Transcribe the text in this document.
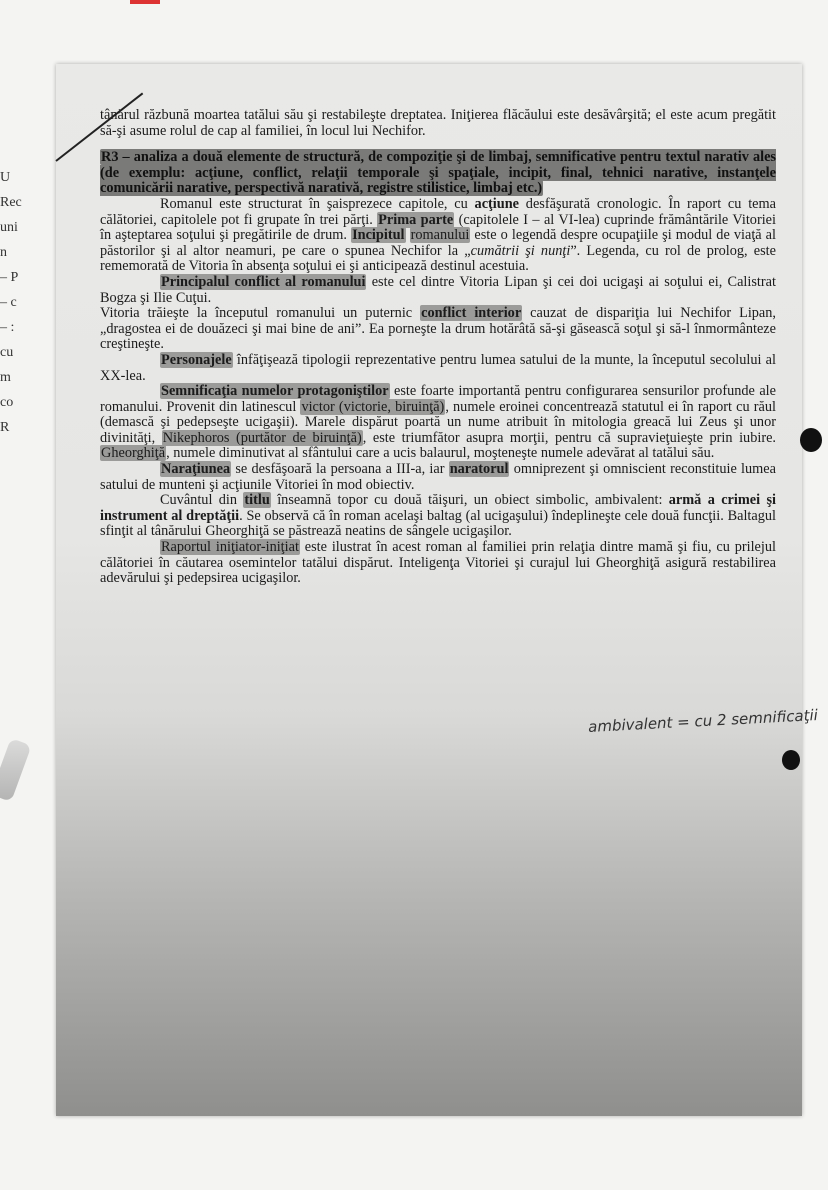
U
Rec
uni
n
– P
– c
– :
cu
m
co
R

tânărul răzbună moartea tatălui său şi restabileşte dreptatea. Iniţierea flăcăului este desăvârşită; el este acum pregătit să-şi asume rolul de cap al familiei, în locul lui Nechifor.

R3 – analiza a două elemente de structură, de compoziţie şi de limbaj, semnificative pentru textul narativ ales (de exemplu: acţiune, conflict, relaţii temporale şi spaţiale, incipit, final, tehnici narative, instanţele comunicării narative, perspectivă narativă, registre stilistice, limbaj etc.)

Romanul este structurat în şaisprezece capitole, cu acţiune desfăşurată cronologic. În raport cu tema călătoriei, capitolele pot fi grupate în trei părţi. Prima parte (capitolele I – al VI-lea) cuprinde frământările Vitoriei în aşteptarea soţului şi pregătirile de drum. Incipitul romanului este o legendă despre ocupaţiile şi modul de viaţă al păstorilor şi al altor neamuri, pe care o spunea Nechifor la „cumătrii şi nunţi”. Legenda, cu rol de prolog, este rememorată de Vitoria în absenţa soţului ei şi anticipează destinul acestuia.

Principalul conflict al romanului este cel dintre Vitoria Lipan şi cei doi ucigaşi ai soţului ei, Calistrat Bogza şi Ilie Cuţui.

Vitoria trăieşte la începutul romanului un puternic conflict interior cauzat de dispariţia lui Nechifor Lipan, „dragostea ei de douăzeci şi mai bine de ani”. Ea porneşte la drum hotărâtă să-şi găsească soţul şi să-l înmormânteze creştineşte.

Personajele înfăţişează tipologii reprezentative pentru lumea satului de la munte, la începutul secolului al XX-lea.

Semnificaţia numelor protagoniştilor este foarte importantă pentru configurarea sensurilor profunde ale romanului. Provenit din latinescul victor (victorie, biruinţă), numele eroinei concentrează statutul ei în raport cu răul (demască şi pedepseşte ucigaşii). Marele dispărut poartă un nume atribuit în mitologia greacă lui Zeus şi unor divinităţi, Nikephoros (purtător de biruinţă), este triumfător asupra morţii, pentru că supravieţuieşte prin iubire. Gheorghiţă, numele diminutivat al sfântului care a ucis balaurul, moşteneşte numele adevărat al tatălui său.

Naraţiunea se desfăşoară la persoana a III-a, iar naratorul omniprezent şi omniscient reconstituie lumea satului de munteni şi acţiunile Vitoriei în mod obiectiv.

Cuvântul din titlu înseamnă topor cu două tăişuri, un obiect simbolic, ambivalent: armă a crimei şi instrument al dreptăţii. Se observă că în roman acelaşi baltag (al ucigaşului) îndeplineşte cele două funcţii. Baltagul sfinţit al tânărului Gheorghiţă se păstrează neatins de sângele ucigaşilor.

Raportul iniţiator-iniţiat este ilustrat în acest roman al familiei prin relaţia dintre mamă şi fiu, cu prilejul călătoriei în căutarea osemintelor tatălui dispărut. Inteligenţa Vitoriei şi curajul lui Gheorghiţă asigură restabilirea adevărului şi pedepsirea ucigaşilor.

ambivalent = cu 2 semnificaţii
